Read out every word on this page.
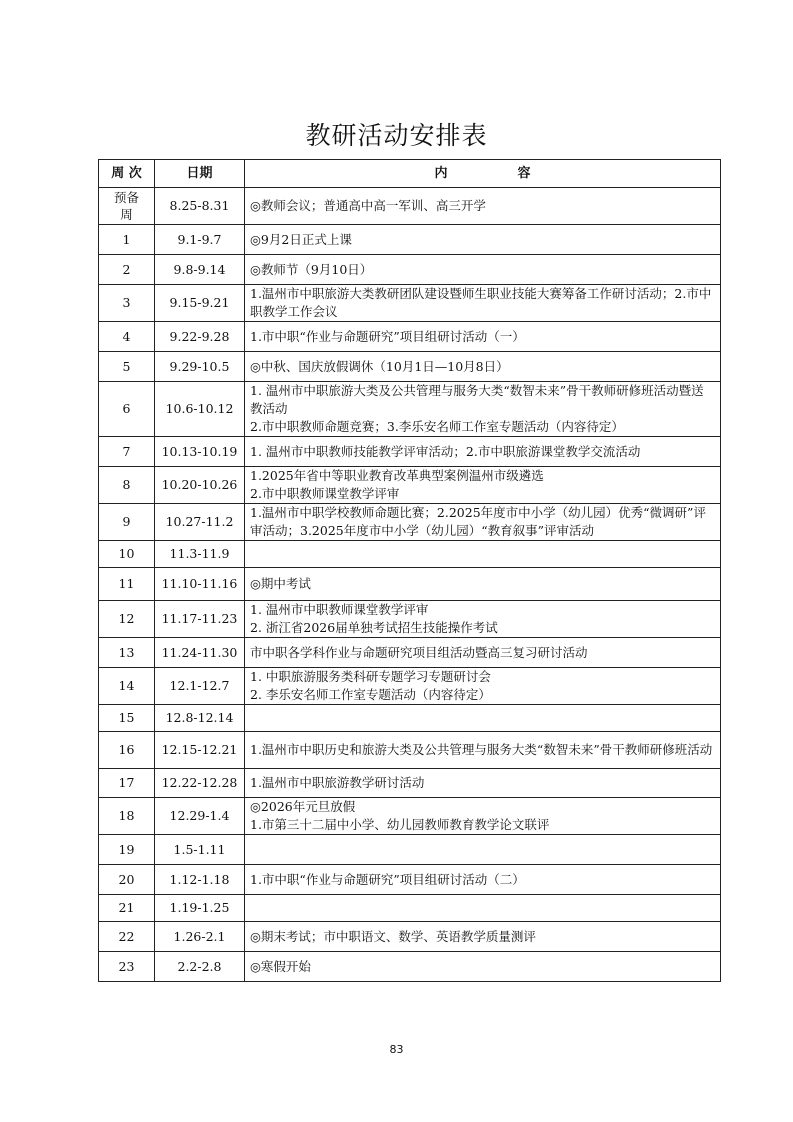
教研活动安排表
周 次	日期	内 容
预备周	8.25-8.31	◎教师会议；普通高中高一军训、高三开学

1	9.1-9.7	◎9月2日正式上课

2	9.8-9.14	◎教师节（9月10日）

3	9.15-9.21	1.温州市中职旅游大类教研团队建设暨师生职业技能大赛筹备工作研讨活动；2.市中职教学工作会议

4	9.22-9.28	1.市中职“作业与命题研究”项目组研讨活动（一）

5	9.29-10.5	◎中秋、国庆放假调休（10月1日—10月8日）

6	10.6-10.12	1. 温州市中职旅游大类及公共管理与服务大类“数智未来”骨干教师研修班活动暨送教活动
2.市中职教师命题竞赛；3.李乐安名师工作室专题活动（内容待定）

7	10.13-10.19	1. 温州市中职教师技能教学评审活动；2.市中职旅游课堂教学交流活动

8	10.20-10.26	1.2025年省中等职业教育改革典型案例温州市级遴选
2.市中职教师课堂教学评审

9	10.27-11.2	1.温州市中职学校教师命题比赛；2.2025年度市中小学（幼儿园）优秀“微调研”评审活动；3.2025年度市中小学（幼儿园）“教育叙事”评审活动

10	11.3-11.9	
11	11.10-11.16	◎期中考试

12	11.17-11.23	1. 温州市中职教师课堂教学评审
2. 浙江省2026届单独考试招生技能操作考试

13	11.24-11.30	市中职各学科作业与命题研究项目组活动暨高三复习研讨活动

14	12.1-12.7	1. 中职旅游服务类科研专题学习专题研讨会
2. 李乐安名师工作室专题活动（内容待定）

15	12.8-12.14	
16	12.15-12.21	1.温州市中职历史和旅游大类及公共管理与服务大类“数智未来”骨干教师研修班活动

17	12.22-12.28	1.温州市中职旅游教学研讨活动

18	12.29-1.4	◎2026年元旦放假
1.市第三十二届中小学、幼儿园教师教育教学论文联评

19	1.5-1.11	
20	1.12-1.18	1.市中职“作业与命题研究”项目组研讨活动（二）

21	1.19-1.25	
22	1.26-2.1	◎期末考试；市中职语文、数学、英语教学质量测评

23	2.2-2.8	◎寒假开始
83
